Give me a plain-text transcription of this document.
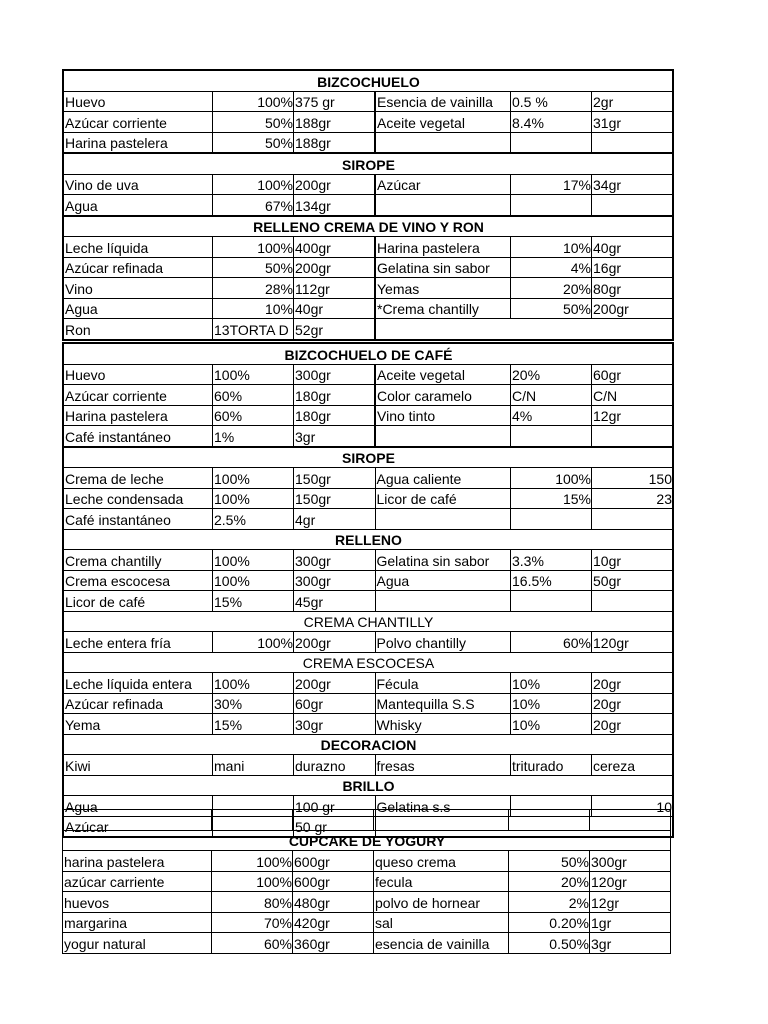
BIZCOCHUELO					
Huevo	100%	375 gr	Esencia de vainilla	0.5 %	2gr
Azúcar corriente	50%	188gr	Aceite vegetal	8.4%	31gr
Harina pastelera	50%	188gr			
SIROPE					
Vino de uva	100%	200gr	Azúcar	17%	34gr
Agua	67%	134gr			
RELLENO CREMA DE VINO Y RON					
Leche líquida	100%	400gr	Harina pastelera	10%	40gr
Azúcar refinada	50%	200gr	Gelatina sin sabor	4%	16gr
Vino	28%	112gr	Yemas	20%	80gr
Agua	10%	40gr	*Crema chantilly	50%	200gr
Ron	13TORTA D	52gr			
BIZCOCHUELO DE CAFÉ					
Huevo	100%	300gr	Aceite vegetal	20%	60gr
Azúcar corriente	60%	180gr	Color caramelo	C/N	C/N
Harina pastelera	60%	180gr	Vino tinto	4%	12gr
Café instantáneo	1%	3gr			
SIROPE					
Crema de leche	100%	150gr	Agua caliente	100%	150
Leche condensada	100%	150gr	Licor de café	15%	23
Café instantáneo	2.5%	4gr			
RELLENO					
Crema chantilly	100%	300gr	Gelatina sin sabor	3.3%	10gr
Crema escocesa	100%	300gr	Agua	16.5%	50gr
Licor de café	15%	45gr			
CREMA CHANTILLY					
Leche entera fría	100%	200gr	Polvo chantilly	60%	120gr
CREMA ESCOCESA					
Leche líquida entera	100%	200gr	Fécula	10%	20gr
Azúcar refinada	30%	60gr	Mantequilla S.S	10%	20gr
Yema	15%	30gr	Whisky	10%	20gr
DECORACION					
Kiwi	mani	durazno	fresas	triturado	cereza
BRILLO					
Agua		100 gr	Gelatina s.s		10
Azúcar		50 gr			

CUPCAKE DE YOGURY					
harina pastelera	100%	600gr	queso crema	50%	300gr
azúcar carriente	100%	600gr	fecula	20%	120gr
huevos	80%	480gr	polvo de hornear	2%	12gr
margarina	70%	420gr	sal	0.20%	1gr
yogur natural	60%	360gr	esencia de vainilla	0.50%	3gr
